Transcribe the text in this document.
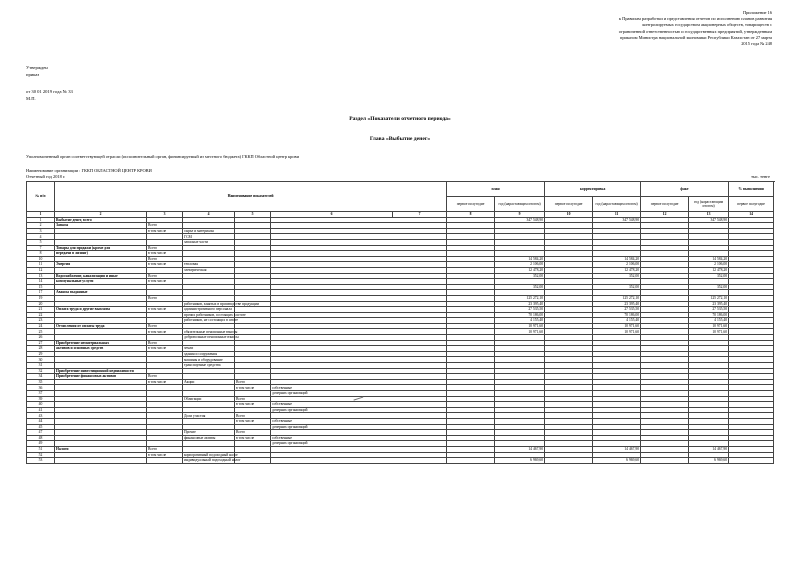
Приложение 16
к Правилам разработки и представления отчетов по исполнению планов развития
контролируемых государством акционерных обществ, товариществ с
ограниченной ответственностью и государственных предприятий, утвержденным
приказом Министра национальной экономики Республики Казахстан от 27 марта
2015 года № 248
Утвержден
приказ
от 30 01 2019 года № 33
М.П.
Раздел «Показатели отчетного периода»
Глава «Выбытие денег»
Уполномоченный орган соответствующей отрасли (исполнительный орган, финансируемый из местного бюджета) ГККП Областной центр крови
Наименование организации : ГККП ОБЛАСТНОЙ ЦЕНТР КРОВИ
Отчетный год 2018 г.	тыс. тенге
№ п/п	Наименование показателей						план		корректировка		факт		% выполнения	
							первое полугодие	год (нарастающим итогом)	первое полугодие	год (нарастающим итогом)	первое полугодие	год (нарастающим итогом)	первое полугодие	
1	2	3	4	5	6	7	8	9	10	11	12	13	14	
1	Выбытие денег, всего							347 548,90		347 548,90		347 548,90		
2	Запасы	Всего												
3		в том числе	сырье и материалы											
4			ГСМ											
5			запасные части											
7	Товары для продажи (кроме для	Всего												
8	передачи в лизинг)	в том числе												
10		Всего						14 584,20		14 584,20		14 584,20		
11	Энергия	в том числе	тепловая					2 106,00		2 106,00		2 106,00		
12			электрическая					12 478,20		12 478,20		12 478,20		
13	Водоснабжение, канализация и иные	Всего						352,00		352,00		352,00		
14	коммунальные услуги	в том числе												
15								352,00		352,00		352,00		
17	Авансы выданные													
19		Всего						125 272,10		125 272,10		125 272,10		
20			работников, занятых в производстве продукции					23 395,40		23 395,40		23 395,40		
21	Оплата труда и другие выплаты	в том числе	административного персонала					27 535,50		27 535,50		27 535,50		
22			прочих работников, состоящих в штате					70 186,00		70 186,00		70 186,00		
23			работников, не состоящих в штате					4 155,40		4 155,40		4 155,40		
24	Отчисления от оплаты труда	Всего						10 971,60		10 971,60		10 971,60		
25		в том числе	обязательные пенсионные взносы					10 971,60		10 971,60		10 971,60		
26			добровольные пенсионные взносы											
27	Приобретение нематериальных	Всего												
28	активов и основных средств	в том числе	земли											
29			здания и сооружения											
30			машины и оборудование											
31			транспортные средства											
32	Приобретение инвестиционной недвижимости													
34	Приобретение финансовых активов	Всего												
35		в том числе	Акции	Всего										
36				в том числе	собственные									
37					дочерних организаций									
39			Облигации	Всего										
40				в том числе	собственные									
41					дочерних организаций									
43			Доли участия	Всего										
44				в том числе	собственные									
45					дочерних организаций									
47			Прочие	Всего										
48			финансовые активы	в том числе	собственные									
49					дочерних организаций									
51	Налоги	Всего						14 467,90		14 467,90		14 467,90		
52		в том числе	корпоративный подоходный налог											
53			индивидуальный подоходный налог					6 969,60		6 969,60		6 969,60		
